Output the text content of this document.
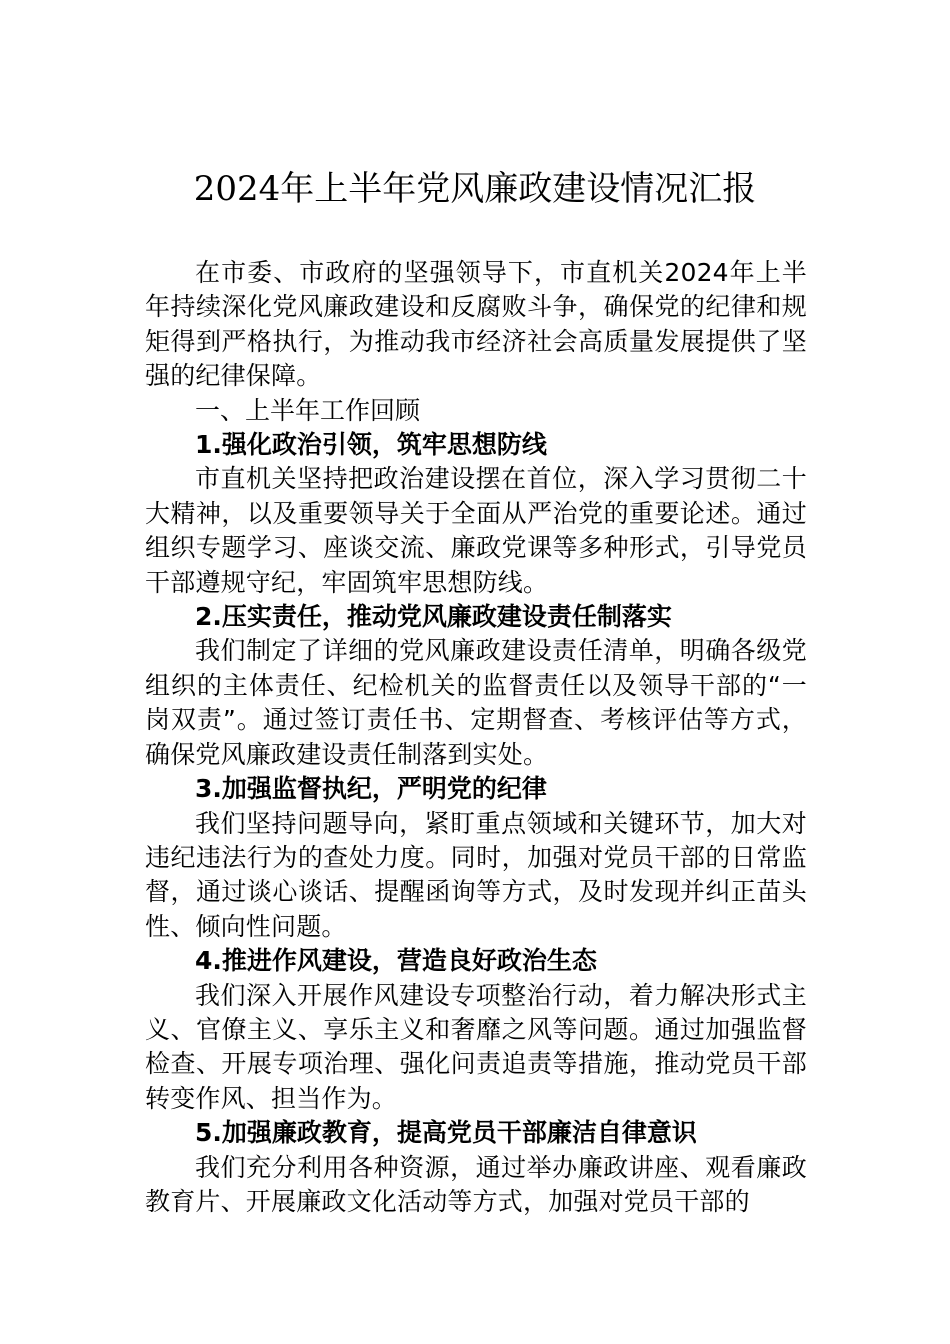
2024年上半年党风廉政建设情况汇报

在市委、市政府的坚强领导下，市直机关2024年上半年持续深化党风廉政建设和反腐败斗争，确保党的纪律和规矩得到严格执行，为推动我市经济社会高质量发展提供了坚强的纪律保障。

一、上半年工作回顾

1.强化政治引领，筑牢思想防线

市直机关坚持把政治建设摆在首位，深入学习贯彻二十大精神，以及重要领导关于全面从严治党的重要论述。通过组织专题学习、座谈交流、廉政党课等多种形式，引导党员干部遵规守纪，牢固筑牢思想防线。

2.压实责任，推动党风廉政建设责任制落实

我们制定了详细的党风廉政建设责任清单，明确各级党组织的主体责任、纪检机关的监督责任以及领导干部的“一岗双责”。通过签订责任书、定期督查、考核评估等方式，确保党风廉政建设责任制落到实处。

3.加强监督执纪，严明党的纪律

我们坚持问题导向，紧盯重点领域和关键环节，加大对违纪违法行为的查处力度。同时，加强对党员干部的日常监督，通过谈心谈话、提醒函询等方式，及时发现并纠正苗头性、倾向性问题。

4.推进作风建设，营造良好政治生态

我们深入开展作风建设专项整治行动，着力解决形式主义、官僚主义、享乐主义和奢靡之风等问题。通过加强监督检查、开展专项治理、强化问责追责等措施，推动党员干部转变作风、担当作为。

5.加强廉政教育，提高党员干部廉洁自律意识

我们充分利用各种资源，通过举办廉政讲座、观看廉政教育片、开展廉政文化活动等方式，加强对党员干部的
